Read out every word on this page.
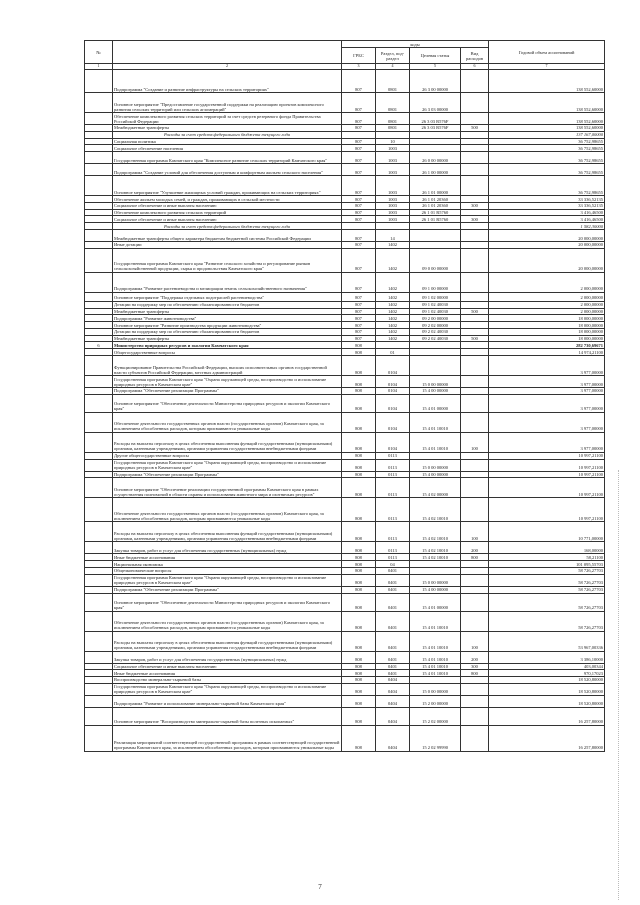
№		коды				Годовой объем ассигнований
		ГРБС	Раздел, под-раздел	Целевая статья	Вид расходов	
1	2	3	4	5	6	7
	Подпрограмма "Создание и развитие инфраструктуры на сельских территориях"	807	0801	26 3 00 00000		138 552,60000
	Основное мероприятие "Предоставление государственной поддержки на реализацию проектов комплексного развития сельских территорий или сельских агломераций"	807	0801	26 3 03 00000		138 552,60000
	Обеспечение комплексного развития сельских территорий за счет средств резервного фонда Правительства Российской Федерации	807	0801	26 3 03 R576F		138 552,60000
	Межбюджетные трансферты	807	0801	26 3 03 R576F	500	138 552,60000
	Расходы за счет средств федерального бюджета текущего года					137 167,00000
	Социальная политика	807	10			36 752,98655
	Социальное обеспечение населения	807	1003			36 752,98655
	Государственная программа Камчатского края "Комплексное развитие сельских территорий Камчатского края"	807	1003	26 0 00 00000		36 752,98655
	Подпрограмма "Создание условий для обеспечения доступным и комфортным жильем сельского населения"	807	1003	26 1 00 00000		36 752,98655
	Основное мероприятие "Улучшение жилищных условий граждан, проживающих на сельских территориях"	807	1003	26 1 01 00000		36 752,98655
	Обеспечение жильем молодых семей, и граждан, проживающих в сельской местности	807	1003	26 1 01 20360		33 336,52135
	Социальное обеспечение и иные выплаты населению	807	1003	26 1 01 20360	300	33 336,52135
	Обеспечение комплексного развития сельских территорий	807	1003	26 1 01 R5760		3 416,46500
	Социальное обеспечение и иные выплаты населению	807	1003	26 1 01 R5760	300	3 416,46500
	Расходы за счет средств федерального бюджета текущего года					1 582,30000
	Межбюджетные трансферты общего характера бюджетам бюджетной системы Российской Федерации	807	14			20 000,00000
	Иные дотации	807	1402			20 000,00000
	Государственная программа Камчатского края "Развитие сельского хозяйства и регулирование рынков сельскохозяйственной продукции, сырья и продовольствия Камчатского края"	807	1402	09 0 00 00000		20 000,00000
	Подпрограмма "Развитие растениеводства и мелиорации земель сельскохозяйственного назначения"	807	1402	09 1 00 00000		2 000,00000
	Основное мероприятие "Поддержка отдельных подотраслей растениеводства"	807	1402	09 1 02 00000		2 000,00000
	Дотации на поддержку мер по обеспечению сбалансированности бюджетов	807	1402	09 1 02 40030		2 000,00000
	Межбюджетные трансферты	807	1402	09 1 02 40030	500	2 000,00000
	Подпрограмма "Развитие животноводства"	807	1402	09 2 00 00000		18 000,00000
	Основное мероприятие "Развитие производства продукции животноводства"	807	1402	09 2 02 00000		18 000,00000
	Дотации на поддержку мер по обеспечению сбалансированности бюджетов	807	1402	09 2 02 40030		18 000,00000
	Межбюджетные трансферты	807	1402	09 2 02 40030	500	18 000,00000
6	Министерство природных ресурсов и экологии Камчатского края	808				282 730,69671
	Общегосударственные вопросы	808	01			14 974,21100
	Функционирование Правительства Российской Федерации, высших исполнительных органов государственной власти субъектов Российской Федерации, местных администраций	808	0104			3 977,00000
	Государственная программа Камчатского края "Охрана окружающей среды, воспроизводство и использование природных ресурсов в Камчатском крае"	808	0104	15 0 00 00000		3 977,00000
	Подпрограмма "Обеспечение реализации Программы"	808	0104	15 4 00 00000		3 977,00000
	Основное мероприятие "Обеспечение деятельности Министерства природных ресурсов и экологии Камчатского края"	808	0104	15 4 01 00000		3 977,00000
	Обеспечение деятельности государственных органов власти (государственных органов) Камчатского края, за исключением обособленных расходов, которым присваиваются уникальные коды	808	0104	15 4 01 10010		3 977,00000
	Расходы на выплаты персоналу в целях обеспечения выполнения функций государственными (муниципальными) органами, казенными учреждениями, органами управления государственными внебюджетными фондами	808	0104	15 4 01 10010	100	3 977,00000
	Другие общегосударственные вопросы	808	0113			10 997,21100
	Государственная программа Камчатского края "Охрана окружающей среды, воспроизводство и использование природных ресурсов в Камчатском крае"	808	0113	15 0 00 00000		10 997,21100
	Подпрограмма "Обеспечение реализации Программы"	808	0113	15 4 00 00000		10 997,21100
	Основное мероприятие "Обеспечение реализации государственной программы Камчатского края в рамках осуществления полномочий в области охраны и использования животного мира и охотничьих ресурсов"	808	0113	15 4 02 00000		10 997,21100
	Обеспечение деятельности государственных органов власти (государственных органов) Камчатского края, за исключением обособленных расходов, которым присваиваются уникальные коды	808	0113	15 4 02 10010		10 997,21100
	Расходы на выплаты персоналу в целях обеспечения выполнения функций государственными (муниципальными) органами, казенными учреждениями, органами управления государственными внебюджетными фондами	808	0113	15 4 02 10010	100	10 771,00000
	Закупка товаров, работ и услуг для обеспечения государственных (муниципальных) нужд	808	0113	15 4 02 10010	200	168,00000
	Иные бюджетные ассигнования	808	0113	15 4 02 10010	800	58,21100
	Национальная экономика	808	04			101 095,55703
	Общеэкономические вопросы	808	0401			58 726,27703
	Государственная программа Камчатского края "Охрана окружающей среды, воспроизводство и использование природных ресурсов в Камчатском крае"	808	0401	15 0 00 00000		58 726,27703
	Подпрограмма "Обеспечение реализации Программы"	808	0401	15 4 00 00000		58 726,27703
	Основное мероприятие "Обеспечение деятельности Министерства природных ресурсов и экологии Камчатского края"	808	0401	15 4 01 00000		58 726,27703
	Обеспечение деятельности государственных органов власти (государственных органов) Камчатского края, за исключением обособленных расходов, которым присваиваются уникальные коды	808	0401	15 4 01 10010		58 726,27703
	Расходы на выплаты персоналу в целях обеспечения выполнения функций государственными (муниципальными) органами, казенными учреждениями, органами управления государственными внебюджетными фондами	808	0401	15 4 01 10010	100	53 967,00336
	Закупка товаров, работ и услуг для обеспечения государственных (муниципальных) нужд	808	0401	15 4 01 10010	200	3 386,10000
	Социальное обеспечение и иные выплаты населению	808	0401	15 4 01 10010	300	403,00344
	Иные бюджетные ассигнования	808	0401	15 4 01 10010	800	970,17023
	Воспроизводство минерально-сырьевой базы	808	0404			18 520,80000
	Государственная программа Камчатского края "Охрана окружающей среды, воспроизводство и использование природных ресурсов в Камчатском крае"	808	0404	15 0 00 00000		18 520,80000
	Подпрограмма "Развитие и использование минерально-сырьевой базы Камчатского края"	808	0404	15 2 00 00000		18 520,80000
	Основное мероприятие "Воспроизводство минерально-сырьевой базы полезных ископаемых"	808	0404	15 2 02 00000		16 257,80000
	Реализация мероприятий соответствующей государственной программы в рамках соответствующей государственной программы Камчатского края, за исключением обособленных расходов, которым присваиваются уникальные коды	808	0404	15 2 02 99990		16 257,80000
7
